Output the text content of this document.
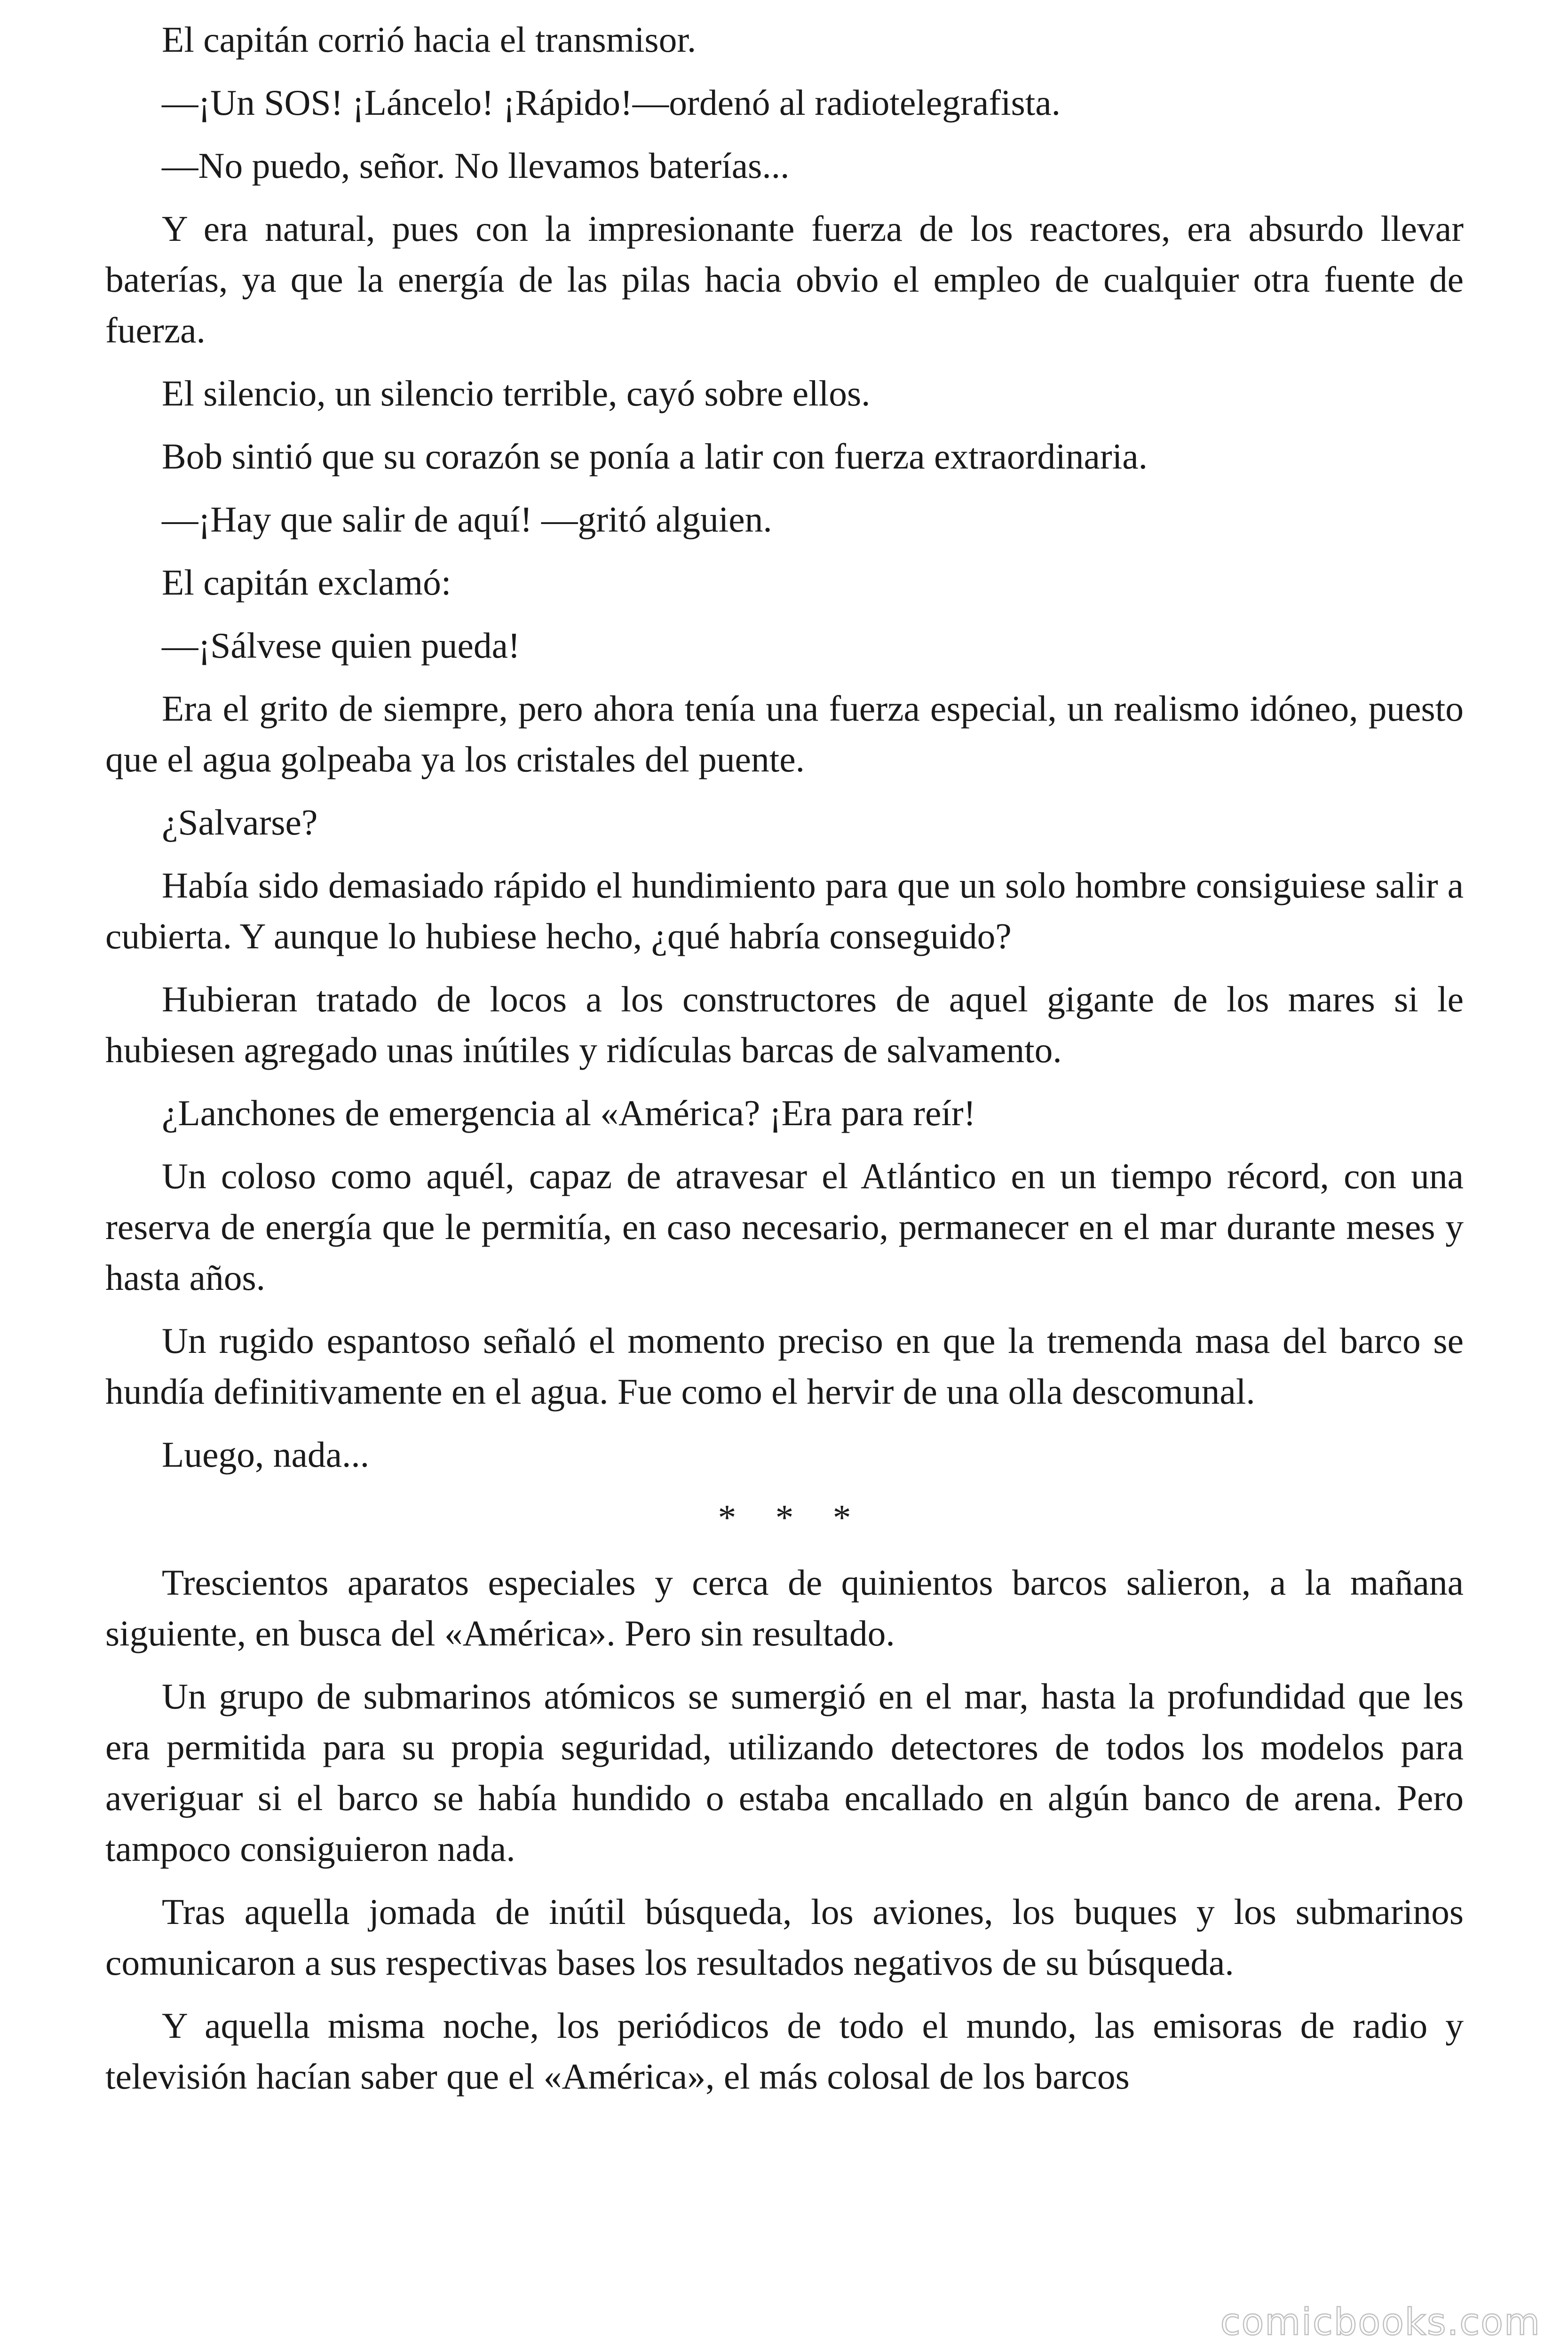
El capitán corrió hacia el transmisor.

—¡Un SOS! ¡Láncelo! ¡Rápido!—ordenó al radiotelegrafista.

—No puedo, señor. No llevamos baterías...

Y era natural, pues con la impresionante fuerza de los reactores, era absurdo llevar baterías, ya que la energía de las pilas hacia obvio el empleo de cualquier otra fuente de fuerza.

El silencio, un silencio terrible, cayó sobre ellos.

Bob sintió que su corazón se ponía a latir con fuerza extraordinaria.

—¡Hay que salir de aquí! —gritó alguien.

El capitán exclamó:

—¡Sálvese quien pueda!

Era el grito de siempre, pero ahora tenía una fuerza especial, un realismo idóneo, puesto que el agua golpeaba ya los cristales del puente.

¿Salvarse?

Había sido demasiado rápido el hundimiento para que un solo hombre consiguiese salir a cubierta. Y aunque lo hubiese hecho, ¿qué habría conseguido?

Hubieran tratado de locos a los constructores de aquel gigante de los mares si le hubiesen agregado unas inútiles y ridículas barcas de salvamento.

¿Lanchones de emergencia al «América? ¡Era para reír!

Un coloso como aquél, capaz de atravesar el Atlántico en un tiempo récord, con una reserva de energía que le permitía, en caso necesario, permanecer en el mar durante meses y hasta años.

Un rugido espantoso señaló el momento preciso en que la tremenda masa del barco se hundía definitivamente en el agua. Fue como el hervir de una olla descomunal.

Luego, nada...

* * *

Trescientos aparatos especiales y cerca de quinientos barcos salieron, a la mañana siguiente, en busca del «América». Pero sin resultado.

Un grupo de submarinos atómicos se sumergió en el mar, hasta la profundidad que les era permitida para su propia seguridad, utilizando detectores de todos los modelos para averiguar si el barco se había hundido o estaba encallado en algún banco de arena. Pero tampoco consiguieron nada.

Tras aquella jomada de inútil búsqueda, los aviones, los buques y los submarinos comunicaron a sus respectivas bases los resultados negativos de su búsqueda.

Y aquella misma noche, los periódicos de todo el mundo, las emisoras de radio y televisión hacían saber que el «América», el más colosal de los barcos

comicbooks.com
